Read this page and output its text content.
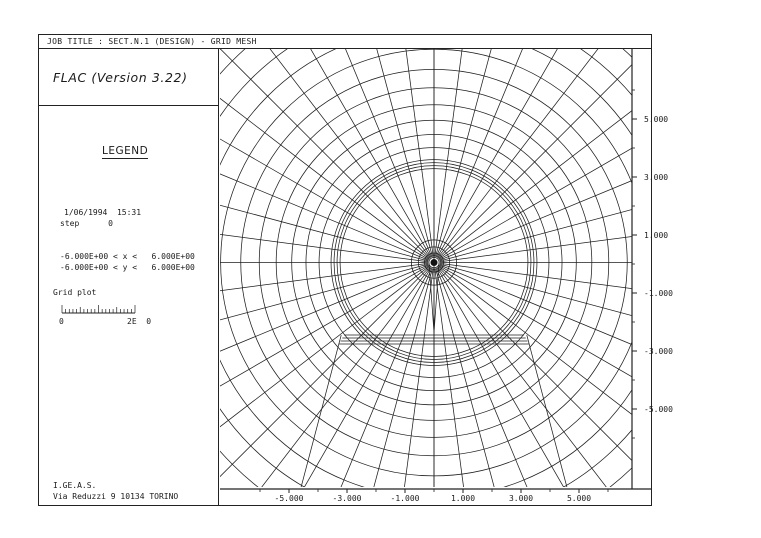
JOB TITLE : SECT.N.1 (DESIGN) - GRID MESH
FLAC (Version 3.22)
LEGEND
1/06/1994  15:31
step      0
-6.000E+00 < x <   6.000E+00
-6.000E+00 < y <   6.000E+00
Grid plot
0	2E  0
I.GE.A.S.
Via Reduzzi 9 10134 TORINO
5.000
3.000
1.000
-1.000
-3.000
-5.000
-5.000	-3.000	-1.000	1.000	3.000	5.000
